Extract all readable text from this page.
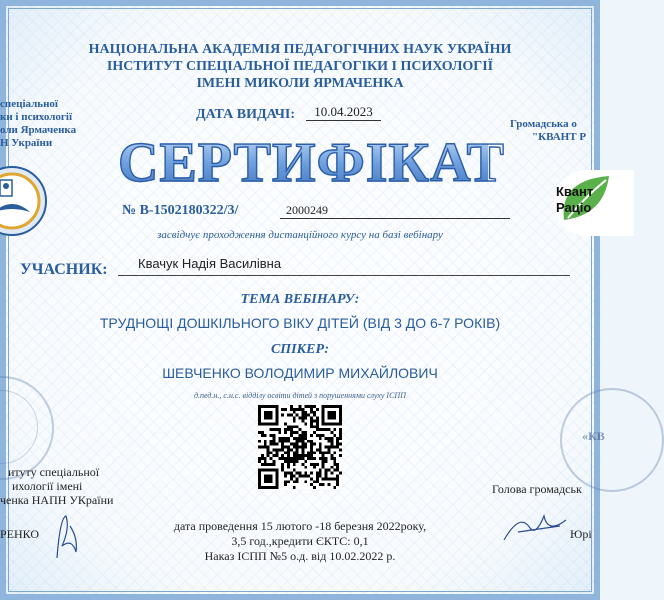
НАЦІОНАЛЬНА АКАДЕМІЯ ПЕДАГОГІЧНИХ НАУК УКРАЇНИ
ІНСТИТУТ СПЕЦІАЛЬНОЇ ПЕДАГОГІКИ І ПСИХОЛОГІЇ
ІМЕНІ МИКОЛИ ЯРМАЧЕНКА
спеціальної
ки і психології
оли Ярмаченка
Н України
Громадська о
"КВАНТ Р
Квант
Раціо
ДАТА ВИДАЧІ:	10.04.2023
СЕРТИФІКАТ
№ В-1502180322/3/	2000249
засвідчує проходження дистанційного курсу на базі вебінару
УЧАСНИК:	Квачук Надія Василівна
ТЕМА ВЕБІНАРУ:
ТРУДНОЩІ ДОШКІЛЬНОГО ВІКУ ДІТЕЙ (ВІД 3 ДО 6-7 РОКІВ)
СПІКЕР:
ШЕВЧЕНКО ВОЛОДИМИР МИХАЙЛОВИЧ
д.пед.н., с.н.с. відділу освіти дітей з порушеннями слуху ІСПП
итуту спеціальної
ихології імені
ченка НАПН УКраїни
РЕНКО
«КВ
Голова громадськ
Юрі
дата проведення 15 лютого -18 березня 2022року,
3,5 год.,кредити ЄКТС: 0,1
Наказ ІСПП №5 о.д. від 10.02.2022 р.
